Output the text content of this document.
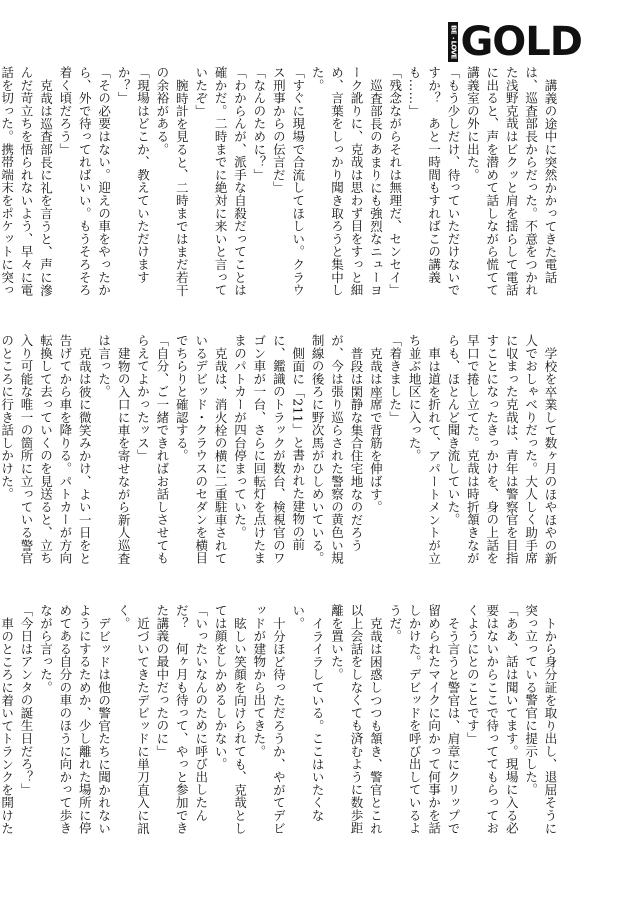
BE・LOVE GOLD

講義の途中に突然かかってきた電話は、巡査部長からだった。不意をつかれた浅野克哉はビクッと肩を揺らして電話に出ると、声を潜めて話しながら慌てて講義室の外に出た。

「もう少しだけ、待っていただけないですか？　あと一時間もすればこの講義も……」

「残念ながらそれは無理だ、センセイ」

巡査部長のあまりにも強烈なニューヨーク訛りに、克哉は思わず目をすっと細め、言葉をしっかり聞き取ろうと集中した。

「すぐに現場で合流してほしい。クラウス刑事からの伝言だ」

「なんのために？」

「わからんが、派手な自殺だってことは確かだ。二時までに絶対に来いと言っていたぞ」

腕時計を見ると、二時まではまだ若干の余裕がある。

「現場はどこか、教えていただけますか？」

「その必要はない。迎えの車をやったから、外で待ってればいい。もうそろそろ着く頃だろう」

克哉は巡査部長に礼を言うと、声に滲んだ苛立ちを悟られないよう、早々に電話を切った。携帯端末をポケットに突っ

学校を卒業して数ヶ月のほやほやの新人でおしゃべりだった。大人しく助手席に収まった克哉は、青年は警察官を目指すことになったきっかけを、身の上話を早口で捲し立てた。克哉は時折頷きながらも、ほとんど聞き流していた。

車は道を折れて、アパートメントが立ち並ぶ地区に入った。

「着きました」

克哉は座席で背筋を伸ばす。

普段は閑静な集合住宅地なのだろうが、今は張り巡らされた警察の黄色い規制線の後ろに野次馬がひしめいている。

側面に「211」と書かれた建物の前に、鑑識のトラックが数台、検視官のワゴン車が一台、さらに回転灯を点けたままのパトカーが四台停まっていた。

克哉は、消火栓の横に二重駐車されているデビッド・クラウスのセダンを横目でちらりと確認する。

「自分、ご一緒できればお話しさせてもらえてよかったッス」

建物の入口に車を寄せながら新人巡査は言った。

克哉は彼に微笑みかけ、よい一日をと告げてから車を降りる。パトカーが方向転換して去っていくのを見送ると、立ち入り可能な唯一の箇所に立っている警官のところに行き話しかけた。

トから身分証を取り出し、退屈そうに突っ立っている警官に提示した。

「ああ、話は聞いてます。現場に入る必要はないからここで待っててもらっておくようにとのことです」

そう言うと警官は、肩章にクリップで留められたマイクに向かって何事かを話しかけた。デビッドを呼び出しているようだ。

克哉は困惑しつつも頷き、警官とこれ以上会話をしなくても済むように数歩距離を置いた。

イライラしている。ここはいたくない。

十分ほど待っただろうか、やがてデビッドが建物から出てきた。

眩しい笑顔を向けられても、克哉としては顔をしかめるしかない。

「いったいなんのために呼び出したんだ？　何ヶ月も待って、やっと参加できた講義の最中だったのに」

近づいてきたデビッドに単刀直入に訊く。

デビッドは他の警官たちに聞かれないようにするためか、少し離れた場所に停めてある自分の車のほうに向かって歩きながら言った。

「今日はアンタの誕生日だろ？」

車のところに着いてトランクを開けた
